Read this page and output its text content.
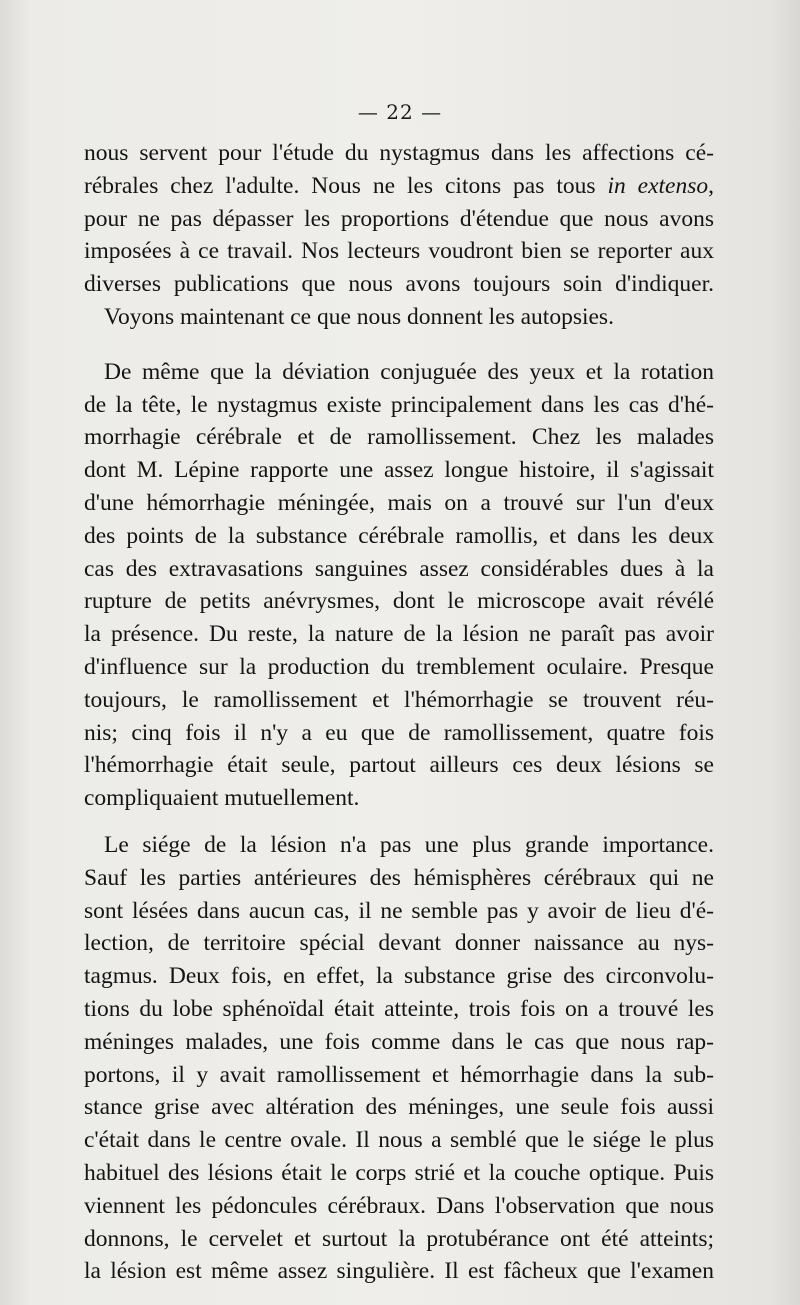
— 22 —
nous servent pour l'étude du nystagmus dans les affections cé-
rébrales chez l'adulte. Nous ne les citons pas tous in extenso,
pour ne pas dépasser les proportions d'étendue que nous avons
imposées à ce travail. Nos lecteurs voudront bien se reporter aux
diverses publications que nous avons toujours soin d'indiquer.
Voyons maintenant ce que nous donnent les autopsies.
De même que la déviation conjuguée des yeux et la rotation
de la tête, le nystagmus existe principalement dans les cas d'hé-
morrhagie cérébrale et de ramollissement. Chez les malades
dont M. Lépine rapporte une assez longue histoire, il s'agissait
d'une hémorrhagie méningée, mais on a trouvé sur l'un d'eux
des points de la substance cérébrale ramollis, et dans les deux
cas des extravasations sanguines assez considérables dues à la
rupture de petits anévrysmes, dont le microscope avait révélé
la présence. Du reste, la nature de la lésion ne paraît pas avoir
d'influence sur la production du tremblement oculaire. Presque
toujours, le ramollissement et l'hémorrhagie se trouvent réu-
nis; cinq fois il n'y a eu que de ramollissement, quatre fois
l'hémorrhagie était seule, partout ailleurs ces deux lésions se
compliquaient mutuellement.
Le siége de la lésion n'a pas une plus grande importance.
Sauf les parties antérieures des hémisphères cérébraux qui ne
sont lésées dans aucun cas, il ne semble pas y avoir de lieu d'é-
lection, de territoire spécial devant donner naissance au nys-
tagmus. Deux fois, en effet, la substance grise des circonvolu-
tions du lobe sphénoïdal était atteinte, trois fois on a trouvé les
méninges malades, une fois comme dans le cas que nous rap-
portons, il y avait ramollissement et hémorrhagie dans la sub-
stance grise avec altération des méninges, une seule fois aussi
c'était dans le centre ovale. Il nous a semblé que le siége le plus
habituel des lésions était le corps strié et la couche optique. Puis
viennent les pédoncules cérébraux. Dans l'observation que nous
donnons, le cervelet et surtout la protubérance ont été atteints;
la lésion est même assez singulière. Il est fâcheux que l'examen
